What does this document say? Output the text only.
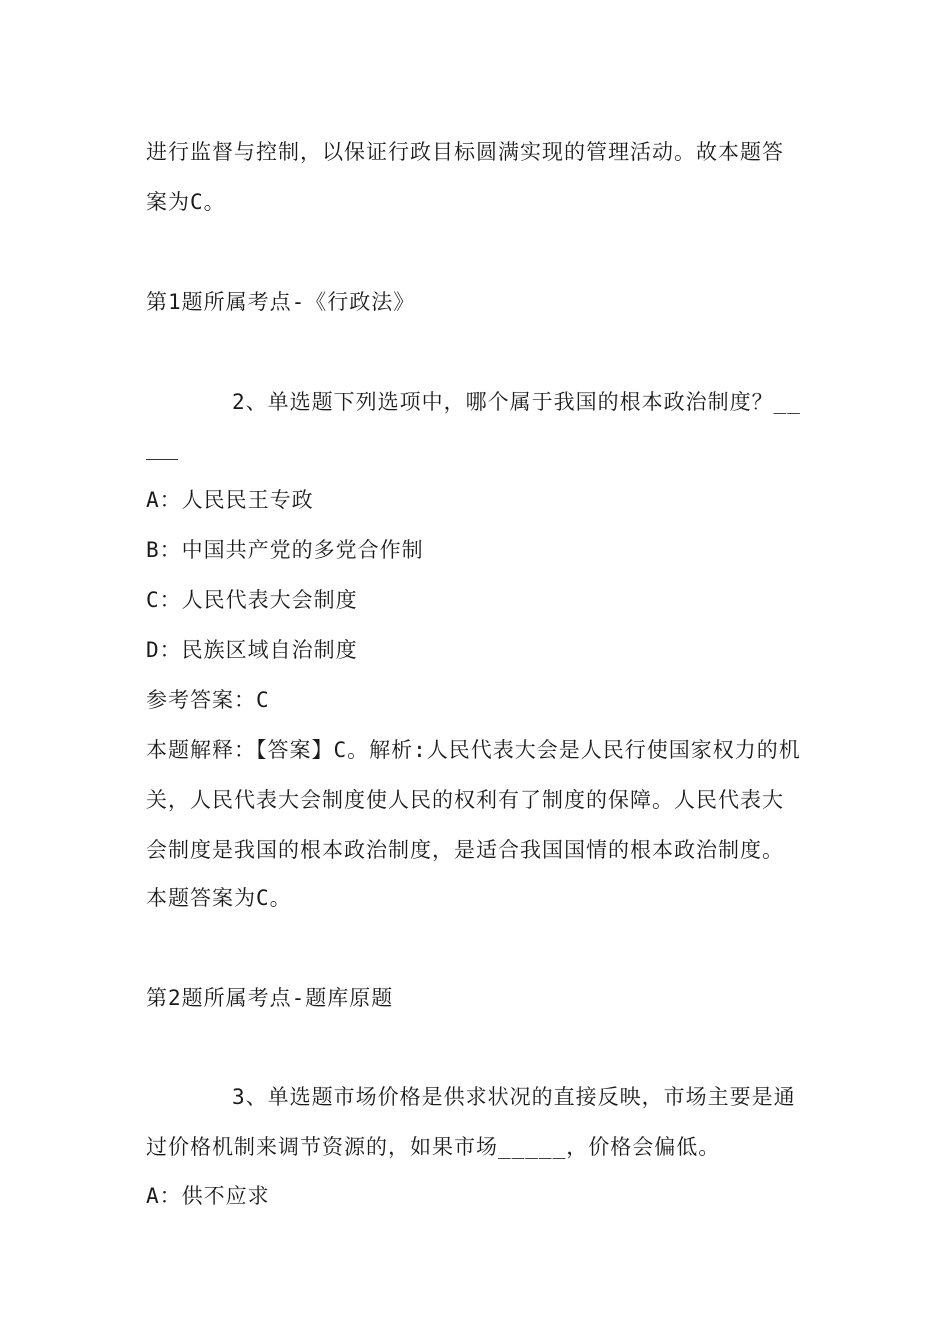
进行监督与控制，以保证行政目标圆满实现的管理活动。故本题答
案为C。
第1题所属考点-《行政法》
2、单选题下列选项中，哪个属于我国的根本政治制度？__
A：人民民王专政
B：中国共产党的多党合作制
C：人民代表大会制度
D：民族区域自治制度
参考答案：C
本题解释：【答案】C。解析:人民代表大会是人民行使国家权力的机
关，人民代表大会制度使人民的权利有了制度的保障。人民代表大
会制度是我国的根本政治制度，是适合我国国情的根本政治制度。
本题答案为C。
第2题所属考点-题库原题
3、单选题市场价格是供求状况的直接反映，市场主要是通
过价格机制来调节资源的，如果市场_____，价格会偏低。
A：供不应求
